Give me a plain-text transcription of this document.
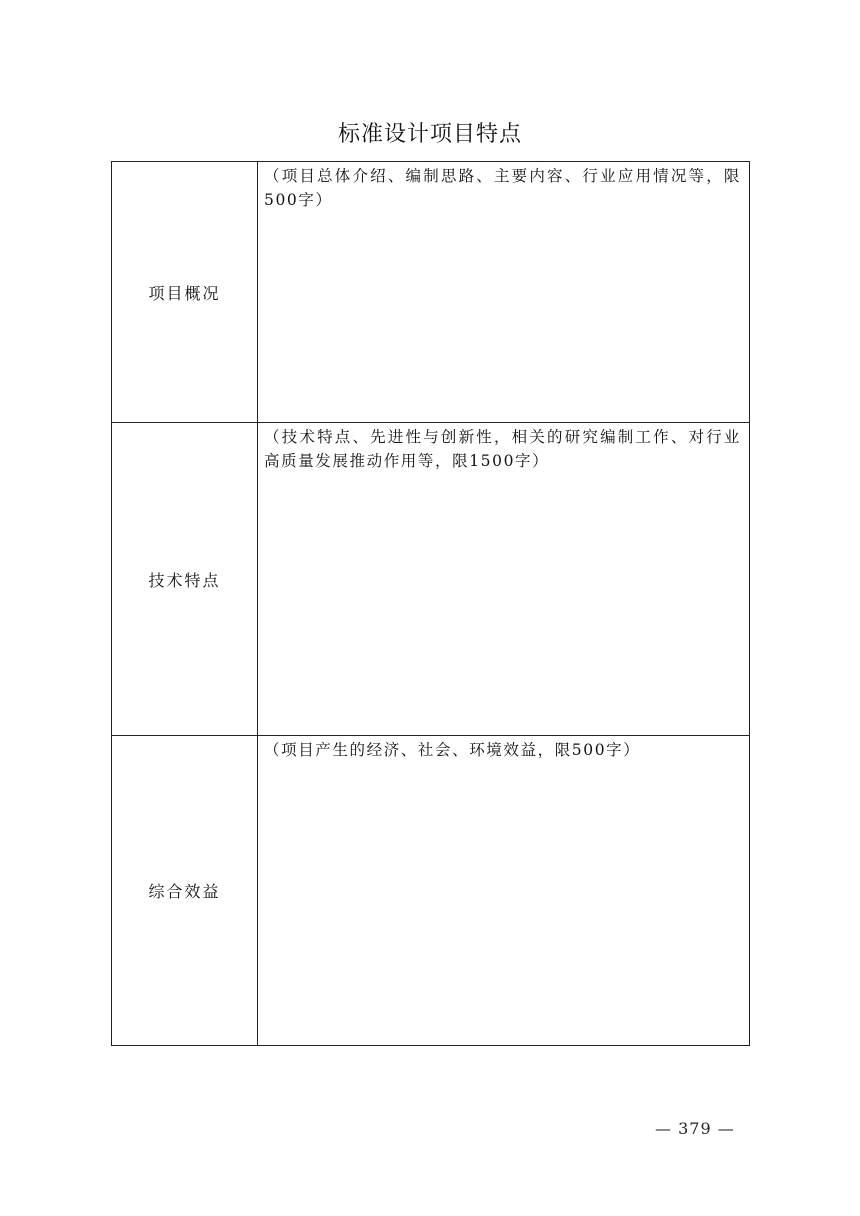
标准设计项目特点
项目概况	（项目总体介绍、编制思路、主要内容、行业应用情况等，限500字）

技术特点	（技术特点、先进性与创新性，相关的研究编制工作、对行业高质量发展推动作用等，限1500字）

综合效益	（项目产生的经济、社会、环境效益，限500字）
— 379 —
